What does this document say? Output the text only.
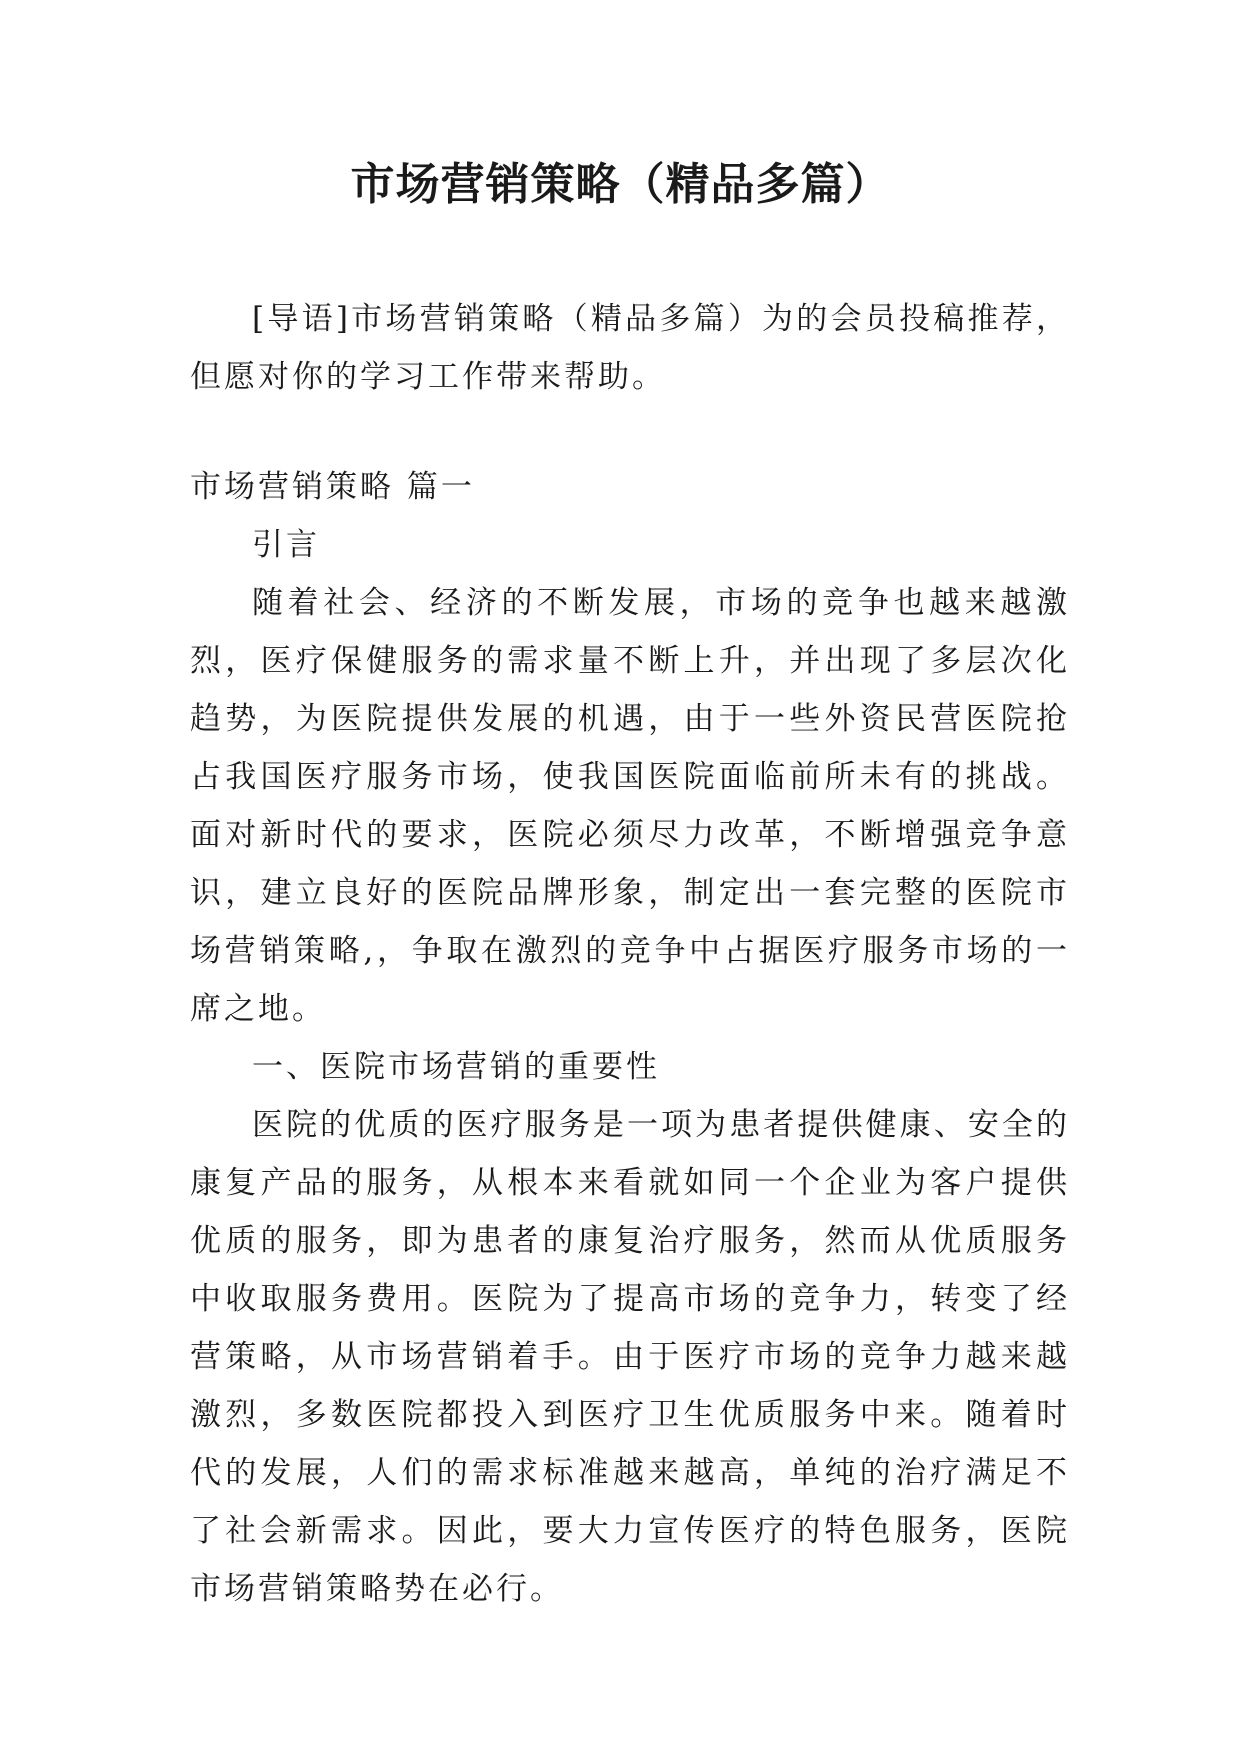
市场营销策略（精品多篇）

[导语]市场营销策略（精品多篇）为的会员投稿推荐，但愿对你的学习工作带来帮助。

市场营销策略 篇一

引言

随着社会、经济的不断发展，市场的竞争也越来越激烈，医疗保健服务的需求量不断上升，并出现了多层次化趋势，为医院提供发展的机遇，由于一些外资民营医院抢占我国医疗服务市场，使我国医院面临前所未有的挑战。面对新时代的要求，医院必须尽力改革，不断增强竞争意识，建立良好的医院品牌形象，制定出一套完整的医院市场营销策略,，争取在激烈的竞争中占据医疗服务市场的一席之地。

一、医院市场营销的重要性

医院的优质的医疗服务是一项为患者提供健康、安全的康复产品的服务，从根本来看就如同一个企业为客户提供优质的服务，即为患者的康复治疗服务，然而从优质服务中收取服务费用。医院为了提高市场的竞争力，转变了经营策略，从市场营销着手。由于医疗市场的竞争力越来越激烈，多数医院都投入到医疗卫生优质服务中来。随着时代的发展，人们的需求标准越来越高，单纯的治疗满足不了社会新需求。因此，要大力宣传医疗的特色服务，医院市场营销策略势在必行。
